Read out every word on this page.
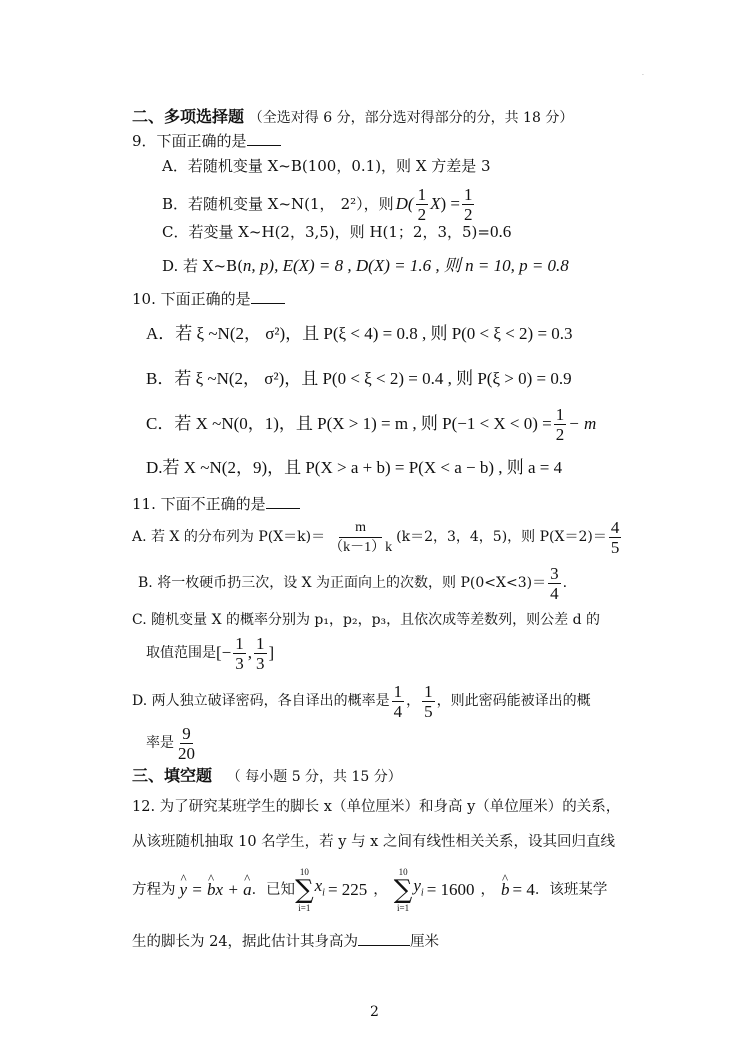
·
二、多项选择题 （全选对得 6 分，部分选对得部分的分，共 18 分）
9．下面正确的是
A．若随机变量 X~B(100，0.1)，则 X 方差是 3
B．若随机变量 X~N(1， 2² ），则 $D( \frac{1}{2}$ X ) = $\frac{1}{2}$
C．若变量 X~H(2，3,5)，则 H(1；2，3，5)=0.6
D. 若 X~B(n, p), E(X) = 8 , D(X) = 1.6 , 则 n = 10, p = 0.8
10. 下面正确的是
A．若 ξ ~N(2， σ²)，且 P(ξ < 4) = 0.8 , 则 P(0 < ξ < 2) = 0.3
B．若 ξ ~N(2， σ²)，且 P(0 < ξ < 2) = 0.4 , 则 P(ξ > 0) = 0.9
C．若 X ~N(0，1)，且 P(X > 1) = m , 则 $P(-1 < X < 0) = \frac{1}{2} - m$
D.若 X ~N(2，9)，且 P(X > a + b) = P(X < a − b) , 则 a = 4
11. 下面不正确的是
A. 若 X 的分布列为 $P(X=k)= \frac{m}{(k-1)k} (k=2$，3，4，5)，则 $P(X=2)= \frac{4}{5}$
B. 将一枚硬币扔三次，设 X 为正面向上的次数，则 $P(0<X<3)= \frac{3}{4}$ .
C. 随机变量 X 的概率分别为 p₁，p₂，p₃，且依次成等差数列，则公差 d 的
取值范围是 [− $\frac{1}{3}$ , $\frac{1}{3}$ ]
D. 两人独立破译密码，各自译出的概率是 $\frac{1}{4}$ ， $\frac{1}{5}$ ，则此密码能被译出的概
率是 $\frac{9}{20}$
三、填空题 （ 每小题 5 分，共 15 分）
12. 为了研究某班学生的脚长 x（单位厘米）和身高 y（单位厘米）的关系，
从该班随机抽取 10 名学生，若 y 与 x 之间有线性相关关系，设其回归直线
方程为 ^ y = ^ bx + ^ a ．已知
10
∑
i=1
$x_i = 225$ ，
10
∑
i=1
$y_i = 1600$ ， ^ b = 4 ．该班某学
生的脚长为 24，据此估计其身高为	厘米
2
